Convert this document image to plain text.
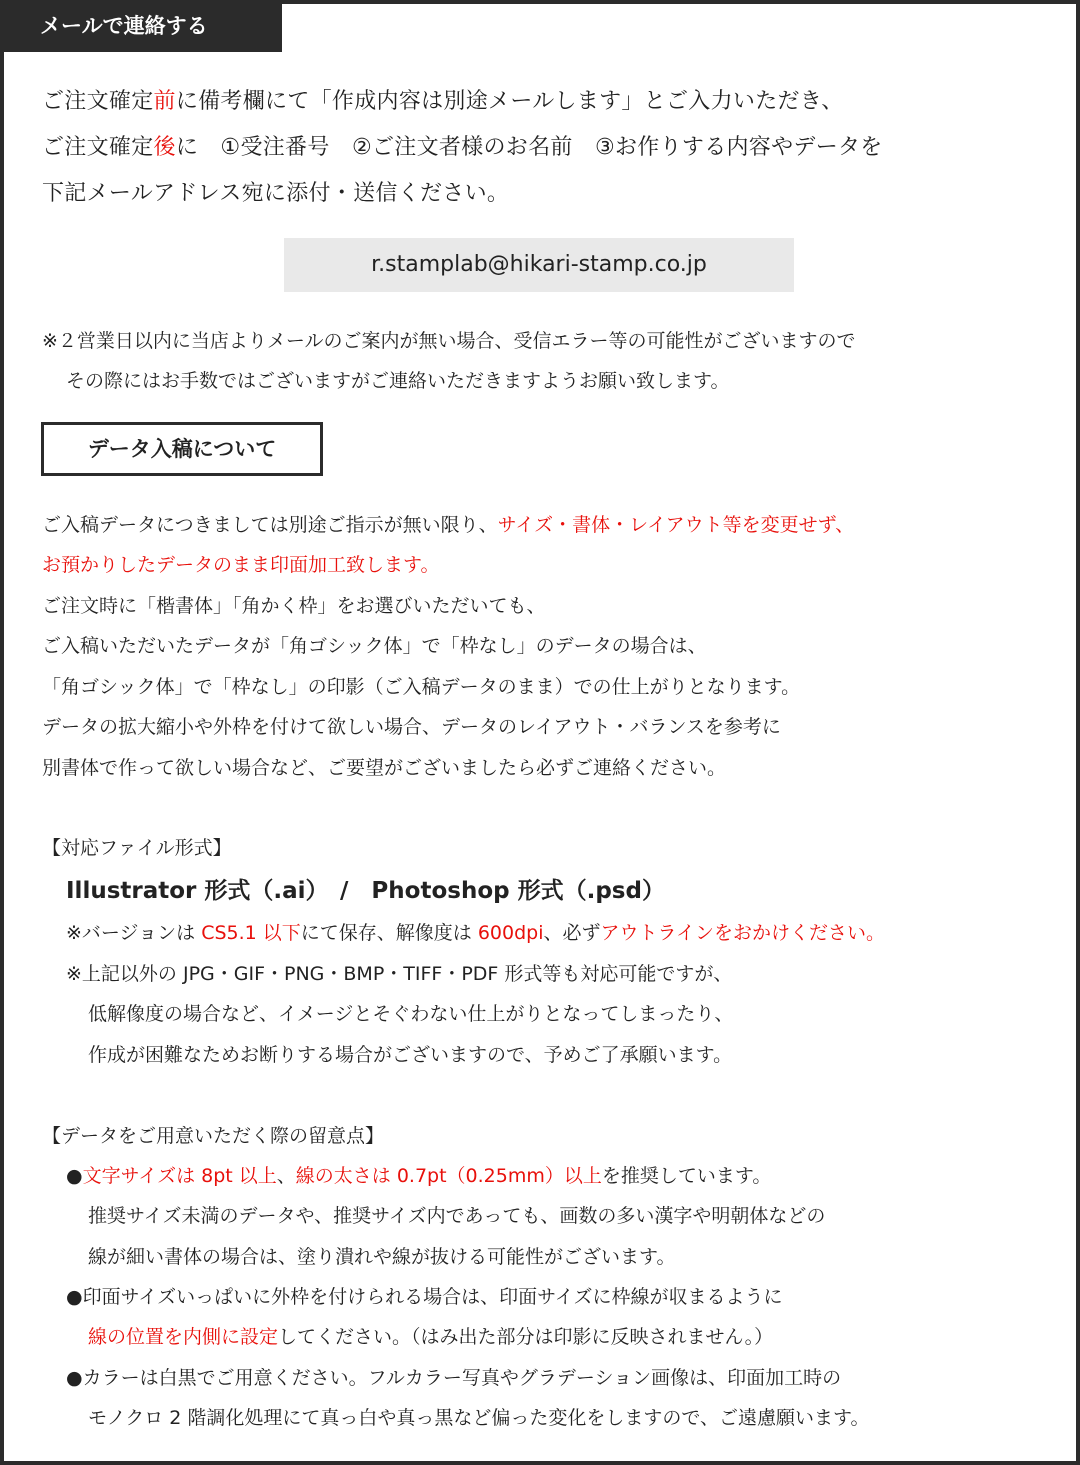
メールで連絡する
ご注文確定前に備考欄にて「作成内容は別途メールします」とご入力いただき、
ご注文確定後に　①受注番号　②ご注文者様のお名前　③お作りする内容やデータを
下記メールアドレス宛に添付・送信ください。
r.stamplab@hikari-stamp.co.jp
※２営業日以内に当店よりメールのご案内が無い場合、受信エラー等の可能性がございますので
その際にはお手数ではございますがご連絡いただきますようお願い致します。
データ入稿について
ご入稿データにつきましては別途ご指示が無い限り、サイズ・書体・レイアウト等を変更せず、
お預かりしたデータのまま印面加工致します。
ご注文時に「楷書体」「角かく枠」をお選びいただいても、
ご入稿いただいたデータが「角ゴシック体」で「枠なし」のデータの場合は、
「角ゴシック体」で「枠なし」の印影（ご入稿データのまま）での仕上がりとなります。
データの拡大縮小や外枠を付けて欲しい場合、データのレイアウト・バランスを参考に
別書体で作って欲しい場合など、ご要望がございましたら必ずご連絡ください。
【対応ファイル形式】
Illustrator 形式（.ai）　/　Photoshop 形式（.psd）
※バージョンは CS5.1 以下にて保存、解像度は 600dpi、必ずアウトラインをおかけください。
※上記以外の JPG・GIF・PNG・BMP・TIFF・PDF 形式等も対応可能ですが、
低解像度の場合など、イメージとそぐわない仕上がりとなってしまったり、
作成が困難なためお断りする場合がございますので、予めご了承願います。
【データをご用意いただく際の留意点】
●文字サイズは 8pt 以上、線の太さは 0.7pt（0.25mm）以上を推奨しています。
推奨サイズ未満のデータや、推奨サイズ内であっても、画数の多い漢字や明朝体などの
線が細い書体の場合は、塗り潰れや線が抜ける可能性がございます。
●印面サイズいっぱいに外枠を付けられる場合は、印面サイズに枠線が収まるように
線の位置を内側に設定してください。（はみ出た部分は印影に反映されません。）
●カラーは白黒でご用意ください。フルカラー写真やグラデーション画像は、印面加工時の
モノクロ 2 階調化処理にて真っ白や真っ黒など偏った変化をしますので、ご遠慮願います。
